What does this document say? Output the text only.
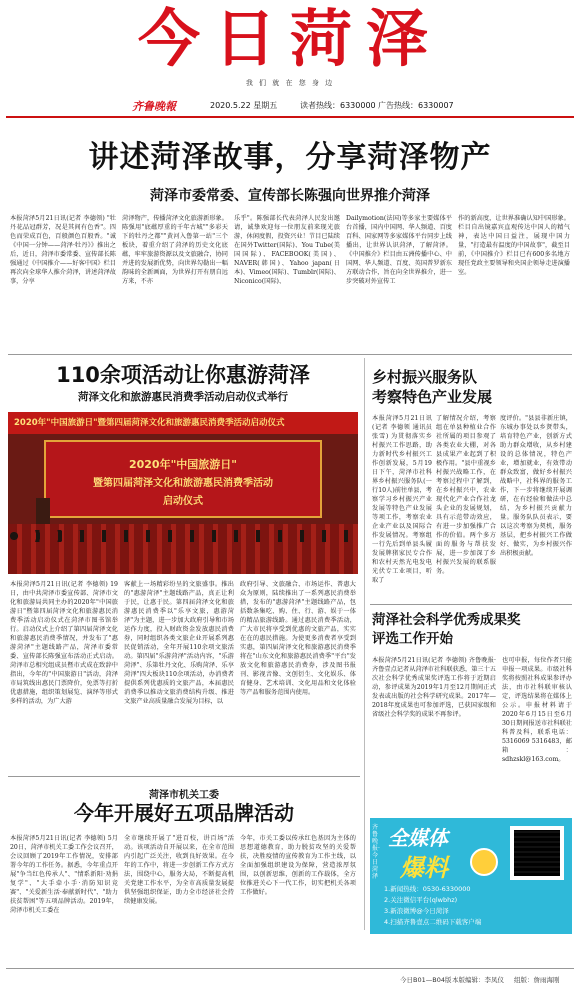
今日菏泽
我 们 就 在 您 身 边
齐鲁晚報	2020.5.22 星期五	读者热线：6330000 广告热线：6330007
讲述菏泽故事，分享菏泽物产
菏泽市委常委、宣传部长陈强向世界推介菏泽
本报菏泽5月21日讯(记者 李德领) "牡丹花品冠群芳，况是其间有色香"。四色而荣成百色，百般颜色百般香。"诚《中国一分钟——菏泽·牡丹》》推出之后，近日，菏泽市委常委、宣传部长陈强通过《中国推介——好客中国》栏目再次向全球华人推介菏泽，讲述菏泽故事，分享
菏泽物产，传播菏泽文化旅游新形象。陈强用"底蕴厚重的千年古城""多彩天下的牡丹之都""黄河入鲁第一站"三个板块，着重介绍了菏泽的历史文化底蕴，牢牢旅游资源以及文旅融合，协同并进的发展新优势，向世界勾勒出一幅韵味的全新画面，为世界打开有朋自远方来，不亦
乐乎"。陈强部长代表菏泽人民发出邀请，诚挚欢迎每一位朋友前来现光旅游，休闲度假，投资兴业！节目已陆续在国外Twitter(国际)、You Tube(美国国际)、FACEBOOK(美国)、NAVER(韩国)、Yahoo japan(日本)、Vimeo(国际)、Tumblr(国际)、Niconico(国际)、
Dailymotion(法国)等多家主要媒体平台首播，国内中国网、华人频道、百度百科、国家网等多家媒体平台同步上线播出，让世界认识菏泽，了解菏泽。《中国推介》栏目由五洲传播中心、中国网、华人频道、百度、英国普罗新东方联动合作，旨在向全世界推介，进一步突破对外宣传工
作的新高度，让世界准确认知中国形象。栏目自出镜嘉宾直观传达中国人的精气神，表达中国日益注，展现中国力量，"打造最有温度的中国故事"，截至目前，《中国推介》栏目已有600多名地方现任党政主要领导和央国企领导走进演播室。
110余项活动让你惠游菏泽
菏泽文化和旅游惠民消费季活动启动仪式举行
2020年"中国旅游日"暨第四届菏泽文化和旅游惠民消费季活动启动仪式
2020年"中国旅游日"
暨第四届菏泽文化和旅游惠民消费季活动
启动仪式
本报菏泽5月21日讯(记者 李德领) 19日，由中共菏泽市委宣传部、菏泽市文化和旅游局共同主办的2020年"中国旅游日"暨第四届菏泽文化和旅游惠民消费季活动启动仪式在菏泽市图书馆举行。启动仪式上介绍了第四届菏泽文化和旅游惠民消费季情况，并发布了"惠游菏泽"主题线路产品，菏泽市委常委、宣传部长陈强宣布活动正式启动。菏泽市总相究组成员暨市式成在致辞中指出，今年的"中国旅游日"活动，菏泽市局筑线出惠民门票降价，免票等打折优惠措施，组织策划展览、演绎等形式多样的活动，为广大游
客献上一场精彩纷呈的文旅盛事。推出的"惠游菏泽"主题线路产品，真正让利于民，让惠于民。第四届菏泽文化和旅游惠民消费季以"乐享文旅，惠游菏泽"为主题，进一步加大政府引导和市场运作力度，投入财政资金发放惠民消费券，同时组织各类文旅企业开展系列惠民促销活动，全年开展110余项文旅活动。第四届"乐游菏泽"活动内容，"乐游菏泽"、乐第牡丹文化、乐购菏泽、乐享菏泽"四大板块110余项活动，办消费者提供系列优惠质的文旅产品，本届惠民消费季以推动文旅消费结构升级、推进文旅产业高质量融合发展为目标，以
政府引导、文旅融合、市场运作、普惠大众为原则，陆续推出了一系列惠民消费举措，发布的"惠游菏泽"主题线路产品，包括数条集吃、购、住、行、游、娱于一体的精品旅游线路。通过惠民消费季活动，广大市民将享受到优惠的文旅产品，实实在在的惠民措施。为使更多消费者享受到实惠，第四届菏泽文化和旅游惠民消费季将在"山东文化和旅游惠民消费季"平台"发放文化和旅游惠民消费券，涉及图书报刊、影视音像、文创衍生、文化娱乐、体育健身、艺术培训、文化用品和文化体验等产品和服务范围内使用。
乡村振兴服务队
考察特色产业发展
本报菏泽5月21日讯(记者 李德领 通讯员 张雪) 为贯彻落实乡村振兴工作思路，助力新时代乡村振兴工作创新发展，5月19日下午，菏泽市社科界乡村振兴服务队(一行10人)前往单县，考察学习乡村振兴产业发展等特色产业发展等项工作，考察农业企业产业以及国际合作发展情况。考察组一行先后到单县头履发展牌猪家民专合作和农村天然光电发电光伏专工业项目，听取了
了解情况介绍，考察组在单县种植业合作社所属的项目参观了各类农业大棚，对各县成果产业起到了积极作用。"县中重视乡村振兴战略工作，在考察过程中了解到，在乡村振兴中，农业现代化产业合作社龙头企业的发展规划，具有示范带动效应，有进一步加强推广合作的价值。两个多方面的服务与帮扶发展，进一步加深了乡村振兴发展的联系服务。
度评价。"县县非新庄镇，东城办事处以乡贤带头，培育特色产业，创新方式助力群众增收，从乡村建设的总体情况，特色产业，增加就业，有效带动群众致富，做好乡村振兴战略中，社科界的服务工作，下一步将继续开展调研，在有经验和做法中总结，为乡村振兴贡献力量。服务队队员表示，要以这次考察为契机，服务基层，把乡村振兴工作做好、做实，为乡村振兴作出积极贡献。
菏泽社会科学优秀成果奖
评选工作开始
本报菏泽5月21日讯(记者 李德领) 齐鲁晚报·齐鲁壹点记者从菏泽市社科联获悉，第三十五次社会科学优秀成果奖评选工作将于近期启动，参评成果为2019年1月至12月期间正式发表或出版的社会科学研究成果。2017年—2018年度成果也可参加评选，已获国家级和省级社会科学奖的成果不再参评。
也可申报，每位作者只能申报一项成果。市级社科奖将按照社科成果参评办法，由市社科联审核认定，评选结果将在媒体上公示。申报材料请于2020年6月15日至6月30日期间报送市社科联社科普及科，联系电话：5316069 5316483，邮箱：sdhzskl@163.com。
菏泽市机关工委
今年开展好五项品牌活动
本报菏泽5月21日讯(记者 李德领) 5月20日，菏泽市机关工委工作会议召开，会议回顾了2019年工作情况，安排部署今年的工作任务。据悉，今年重点开展"争当红色传承人"、"情系新阳·劝捐复学"、"大手牵小手·消防知识竞赛"、"关爱新生活·奉献新时代"、"助力扶贫帮困"等五项品牌活动。2019年，菏泽市机关工委在
全市继续开展了"进百校，讲百场"活动。该项活动自开展以来，在全市范围内引起广泛关注，收到良好效果。在今年的工作中，将进一步创新工作方式方法，围绕中心，服务大局，不断提高机关党建工作水平，为全市高质量发展提供坚强组织保证，助力全市经济社会持续健康发展。
今年，市关工委以传承红色基因为主体的思想道德教育，助力脱贫攻坚的关爱帮扶，决胜疫情的宣传教育为工作主线，以全面加强组织建设为保障，营造浓厚氛围，以创新思维，创新的工作载体，全方位推进关心下一代工作，切实把机关各项工作做好。
齐鲁晚报·今日菏泽
全媒体
爆料
1.新闻热线：0530-6330000
2.关注微信平台(qlwbhz)
3.新浪微博@今日菏泽
4.扫描齐鲁壹点二维码下载客户端
今日B01—B04版 本版编辑：李凤仪 组版：詹雨海刚
